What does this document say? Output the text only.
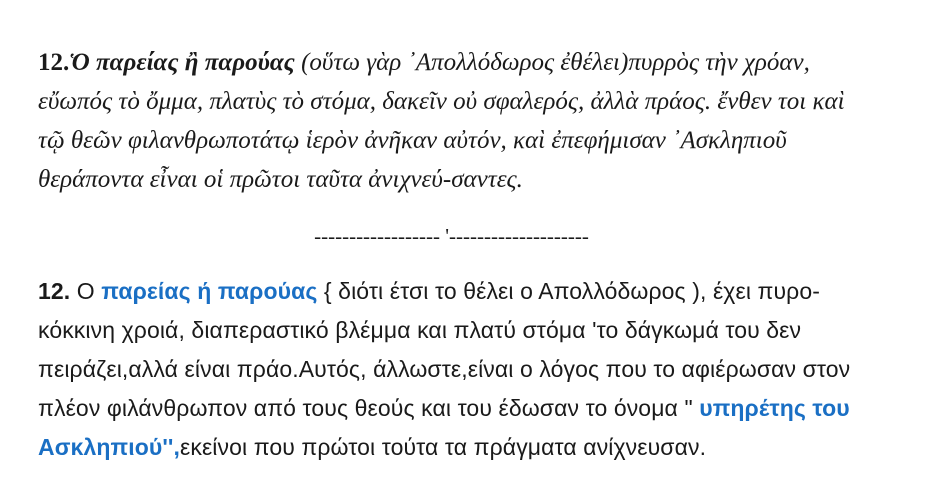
12.Ὁ παρείας ἢ παρούας (οὕτω γὰρ ᾿Απολλόδωρος ἐθέλει)πυρρὸς τὴν χρόαν, εὔωπός τὸ ὄμμα, πλατὺς τὸ στόμα, δακεῖν οὐ σφαλερός, ἀλλὰ πράος. ἔνθεν τοι καὶ τῷ θεῶν φιλανθρωποτάτῳ ἱερὸν ἀνῆκαν αὐτόν, καὶ ἐπεφήμισαν ᾿Ασκληπιοῦ θεράποντα εἶναι οἱ πρῶτοι ταῦτα ἀνιχνεύ-σαντες.

------------------ '--------------------

12. Ο παρείας ή παρούας { διότι έτσι το θέλει ο Απολλόδωρος ), έχει πυρο-κόκκινη χροιά, διαπεραστικό βλέμμα και πλατύ στόμα 'το δάγκωμά του δεν πειράζει,αλλά είναι πράο.Αυτός, άλλωστε,είναι ο λόγος που το αφιέρωσαν στον πλέον φιλάνθρωπον από τους θεούς και του έδωσαν το όνομα " υπηρέτης του Ασκληπιού'',εκείνοι που πρώτοι τούτα τα πράγματα ανίχνευσαν.
